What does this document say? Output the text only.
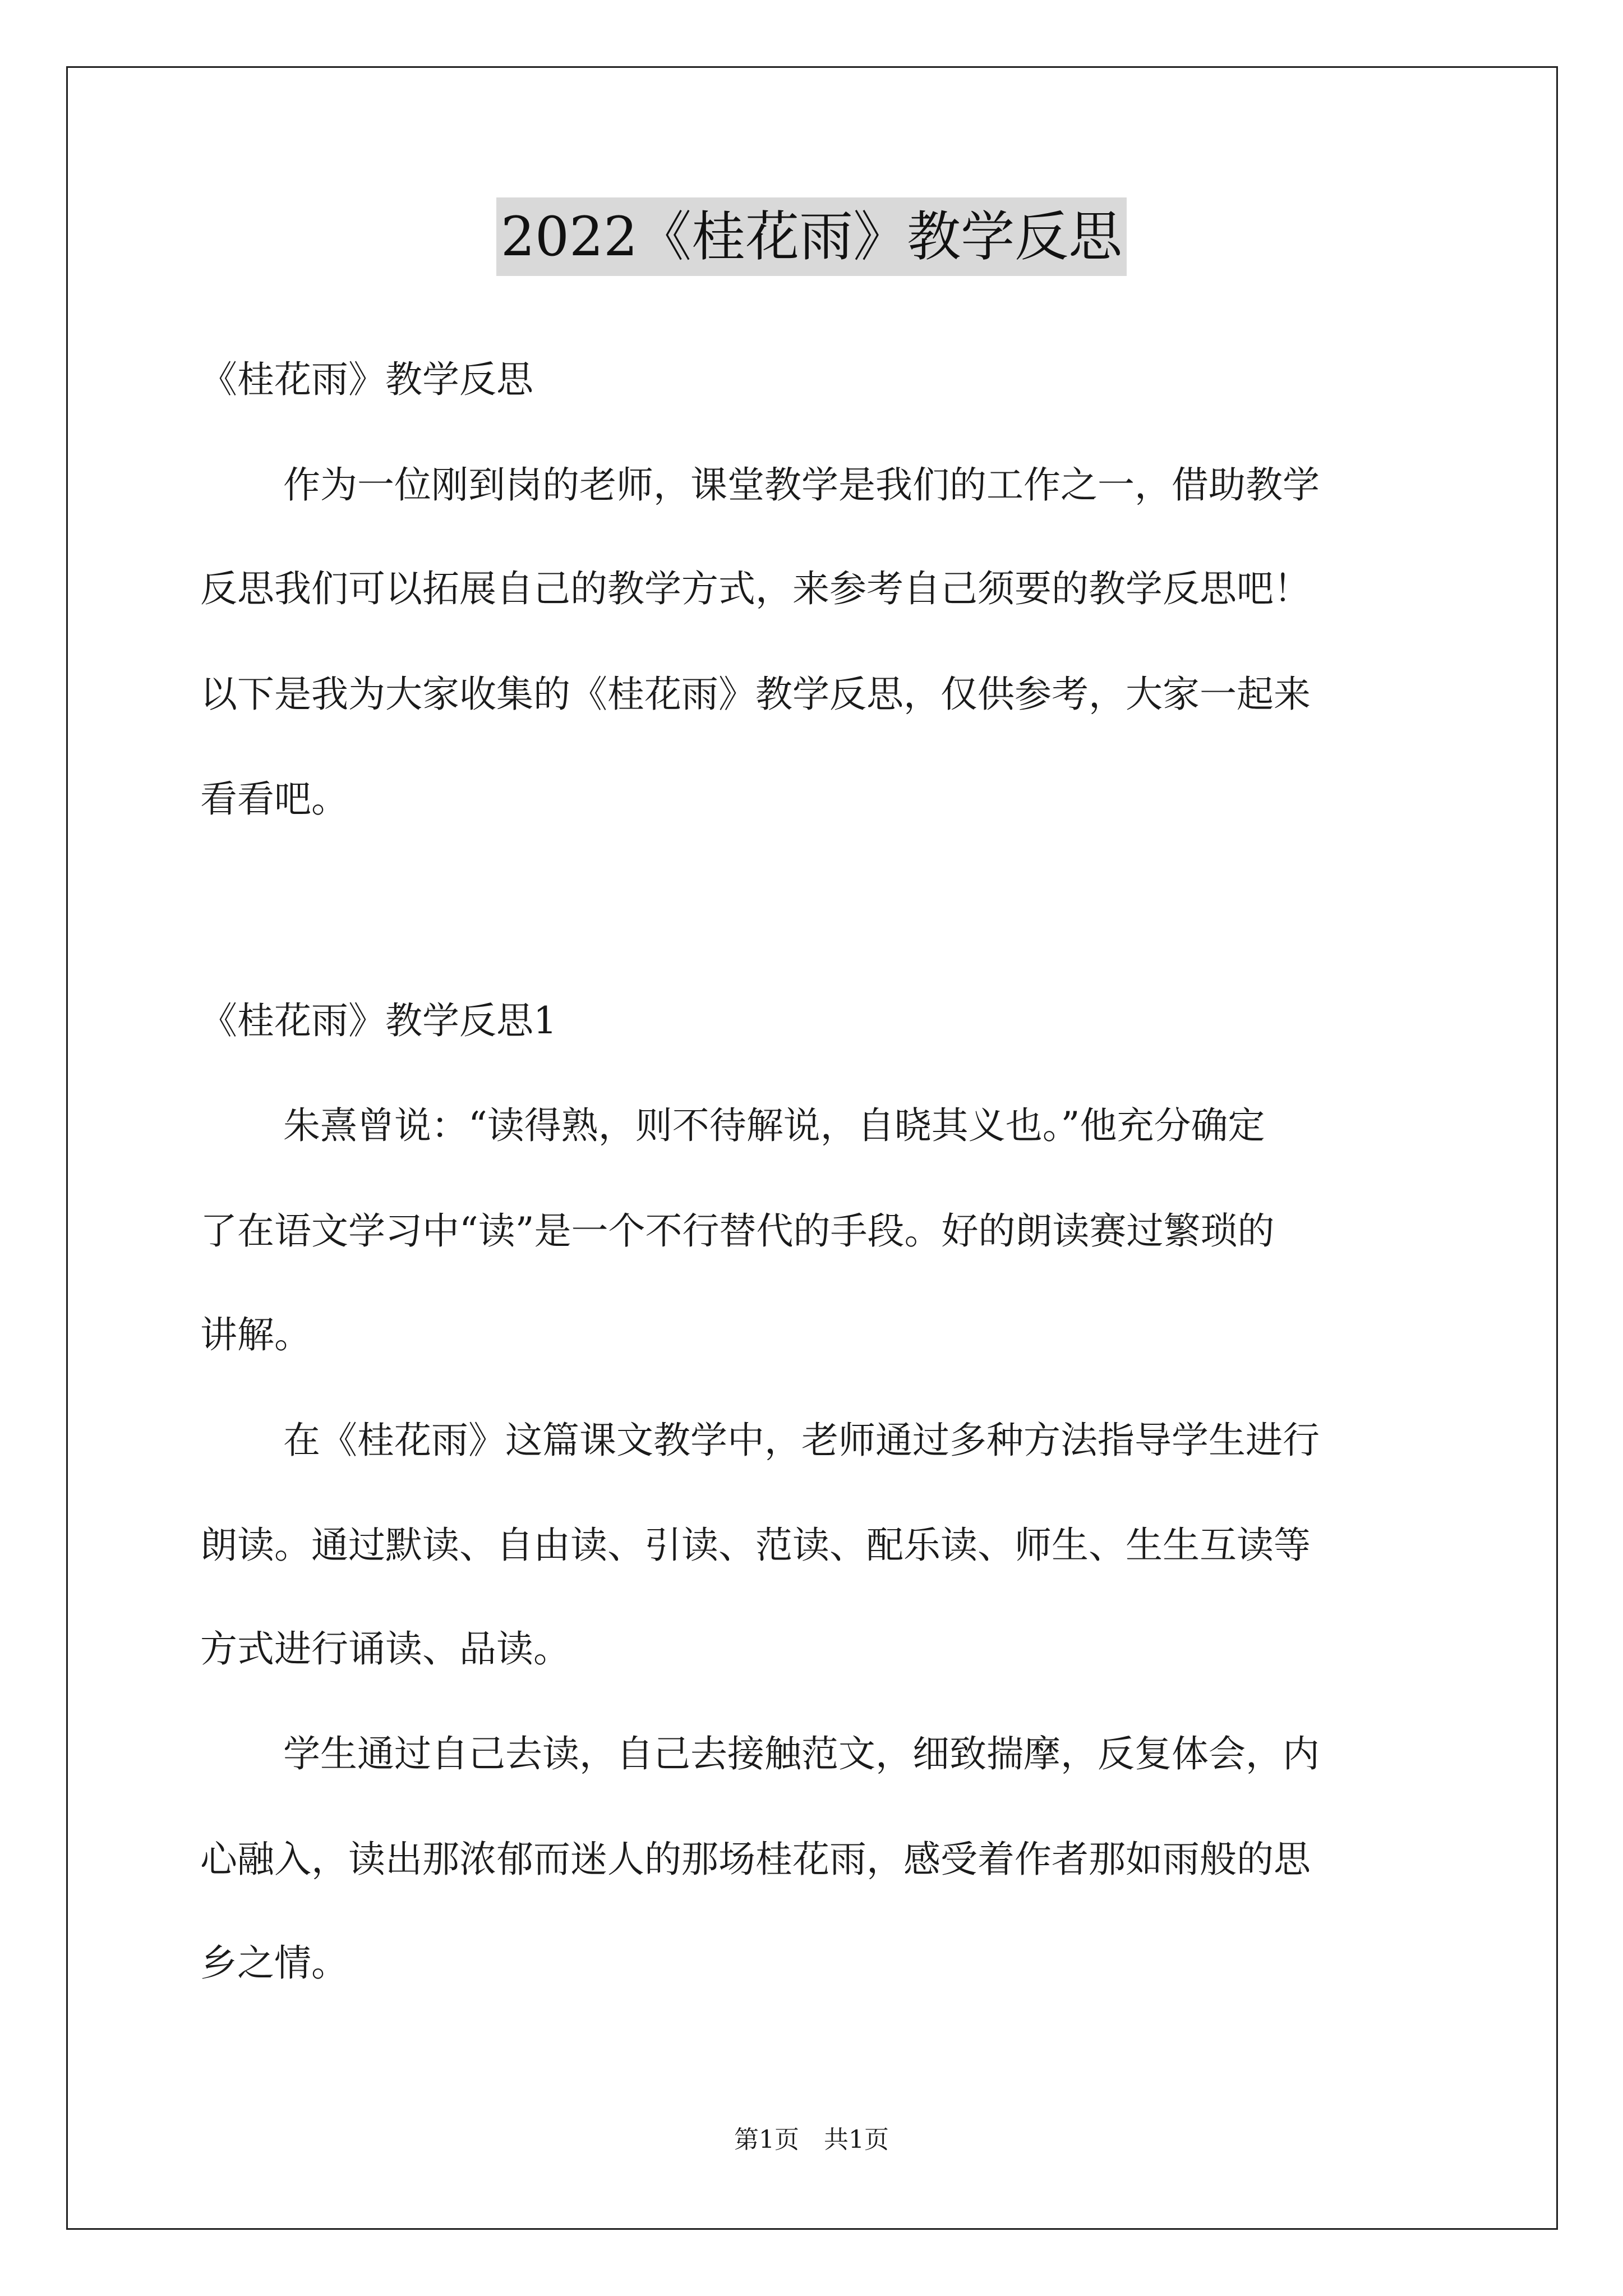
2022《桂花雨》教学反思
《桂花雨》教学反思
作为一位刚到岗的老师，课堂教学是我们的工作之一，借助教学
反思我们可以拓展自己的教学方式，来参考自己须要的教学反思吧！
以下是我为大家收集的《桂花雨》教学反思，仅供参考，大家一起来
看看吧。
《桂花雨》教学反思1
朱熹曾说：“读得熟，则不待解说，自晓其义也。”他充分确定
了在语文学习中“读”是一个不行替代的手段。好的朗读赛过繁琐的
讲解。
在《桂花雨》这篇课文教学中，老师通过多种方法指导学生进行
朗读。通过默读、自由读、引读、范读、配乐读、师生、生生互读等
方式进行诵读、品读。
学生通过自己去读，自己去接触范文，细致揣摩，反复体会，内
心融入，读出那浓郁而迷人的那场桂花雨，感受着作者那如雨般的思
乡之情。
第1页　共1页
